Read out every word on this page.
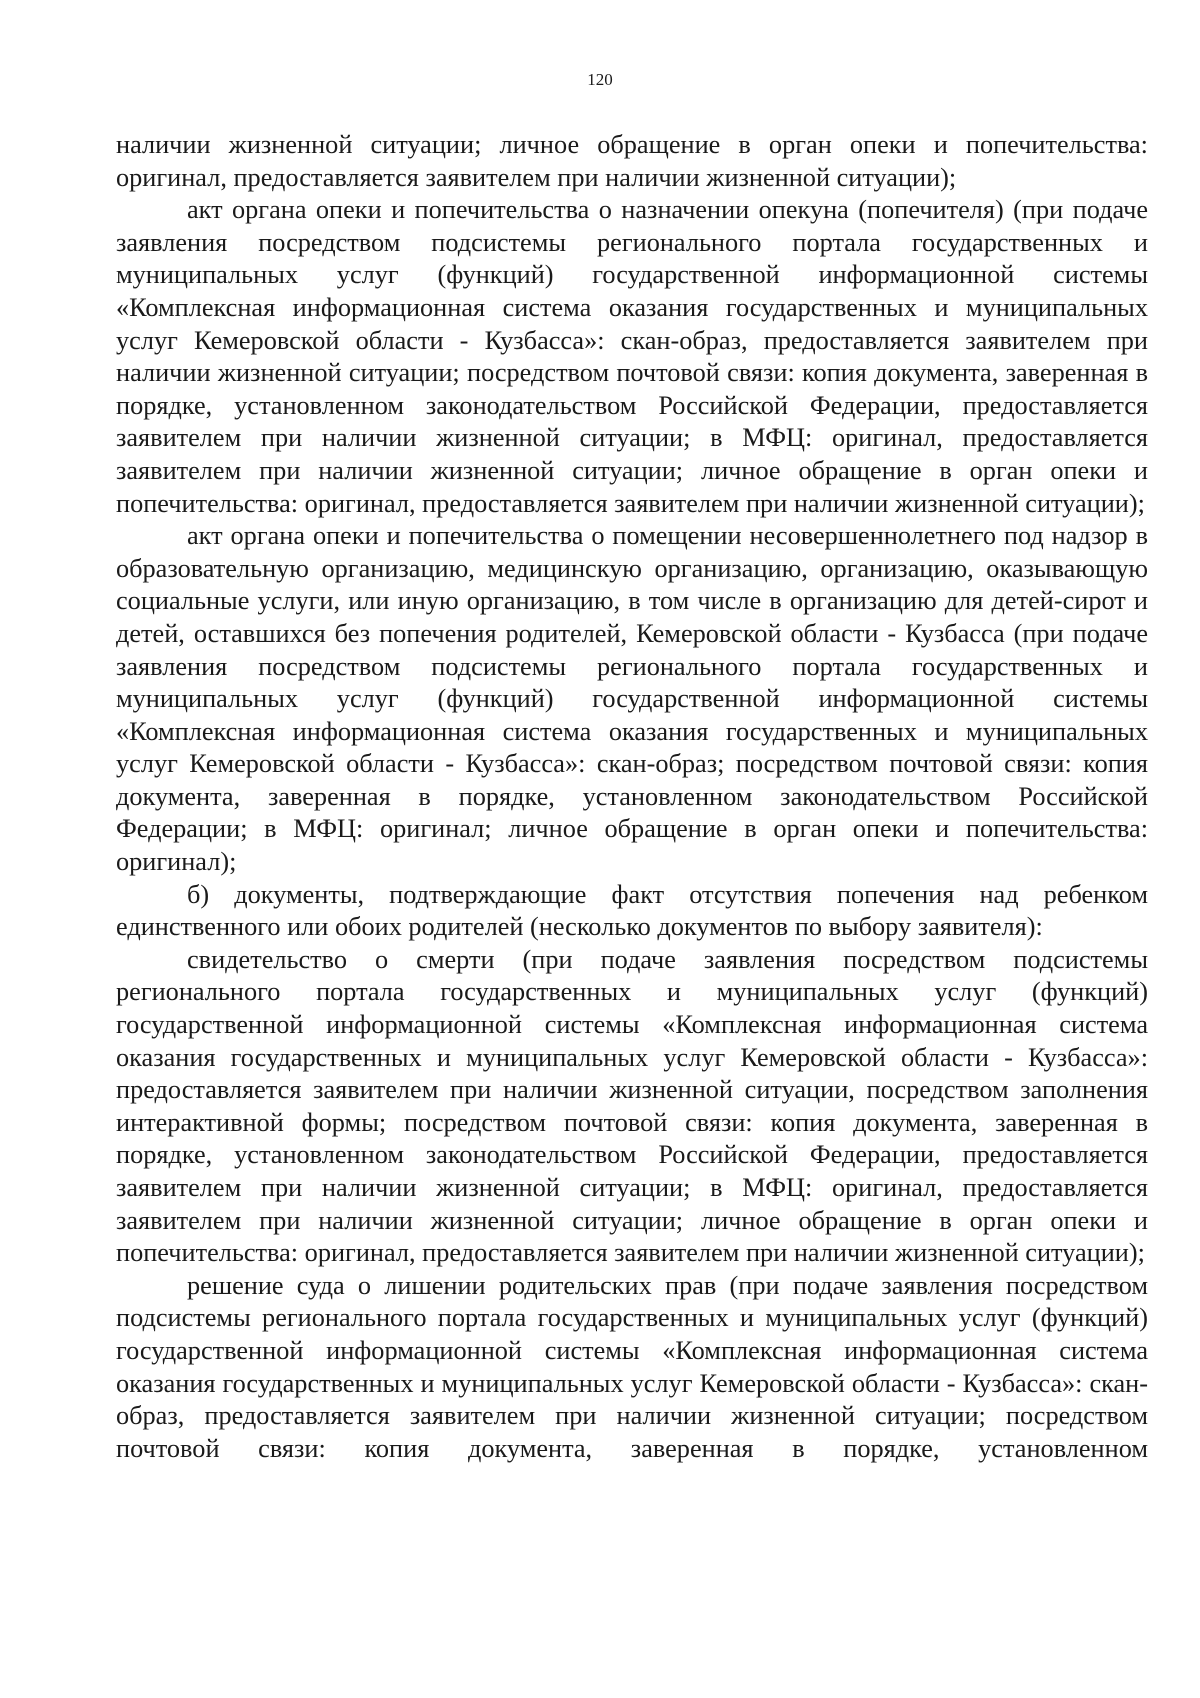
120

наличии жизненной ситуации; личное обращение в орган опеки и попечительства: оригинал, предоставляется заявителем при наличии жизненной ситуации);

акт органа опеки и попечительства о назначении опекуна (попечителя) (при подаче заявления посредством подсистемы регионального портала государственных и муниципальных услуг (функций) государственной информационной системы «Комплексная информационная система оказания государственных и муниципальных услуг Кемеровской области - Кузбасса»: скан-образ, предоставляется заявителем при наличии жизненной ситуации; посредством почтовой связи: копия документа, заверенная в порядке, установленном законодательством Российской Федерации, предоставляется заявителем при наличии жизненной ситуации; в МФЦ: оригинал, предоставляется заявителем при наличии жизненной ситуации; личное обращение в орган опеки и попечительства: оригинал, предоставляется заявителем при наличии жизненной ситуации);

акт органа опеки и попечительства о помещении несовершеннолетнего под надзор в образовательную организацию, медицинскую организацию, организацию, оказывающую социальные услуги, или иную организацию, в том числе в организацию для детей-сирот и детей, оставшихся без попечения родителей, Кемеровской области - Кузбасса (при подаче заявления посредством подсистемы регионального портала государственных и муниципальных услуг (функций) государственной информационной системы «Комплексная информационная система оказания государственных и муниципальных услуг Кемеровской области - Кузбасса»: скан-образ; посредством почтовой связи: копия документа, заверенная в порядке, установленном законодательством Российской Федерации; в МФЦ: оригинал; личное обращение в орган опеки и попечительства: оригинал);

б) документы, подтверждающие факт отсутствия попечения над ребенком единственного или обоих родителей (несколько документов по выбору заявителя):

свидетельство о смерти (при подаче заявления посредством подсистемы регионального портала государственных и муниципальных услуг (функций) государственной информационной системы «Комплексная информационная система оказания государственных и муниципальных услуг Кемеровской области - Кузбасса»: предоставляется заявителем при наличии жизненной ситуации, посредством заполнения интерактивной формы; посредством почтовой связи: копия документа, заверенная в порядке, установленном законодательством Российской Федерации, предоставляется заявителем при наличии жизненной ситуации; в МФЦ: оригинал, предоставляется заявителем при наличии жизненной ситуации; личное обращение в орган опеки и попечительства: оригинал, предоставляется заявителем при наличии жизненной ситуации);

решение суда о лишении родительских прав (при подаче заявления посредством подсистемы регионального портала государственных и муниципальных услуг (функций) государственной информационной системы «Комплексная информационная система оказания государственных и муниципальных услуг Кемеровской области - Кузбасса»: скан-образ, предоставляется заявителем при наличии жизненной ситуации; посредством почтовой связи: копия документа, заверенная в порядке, установленном
